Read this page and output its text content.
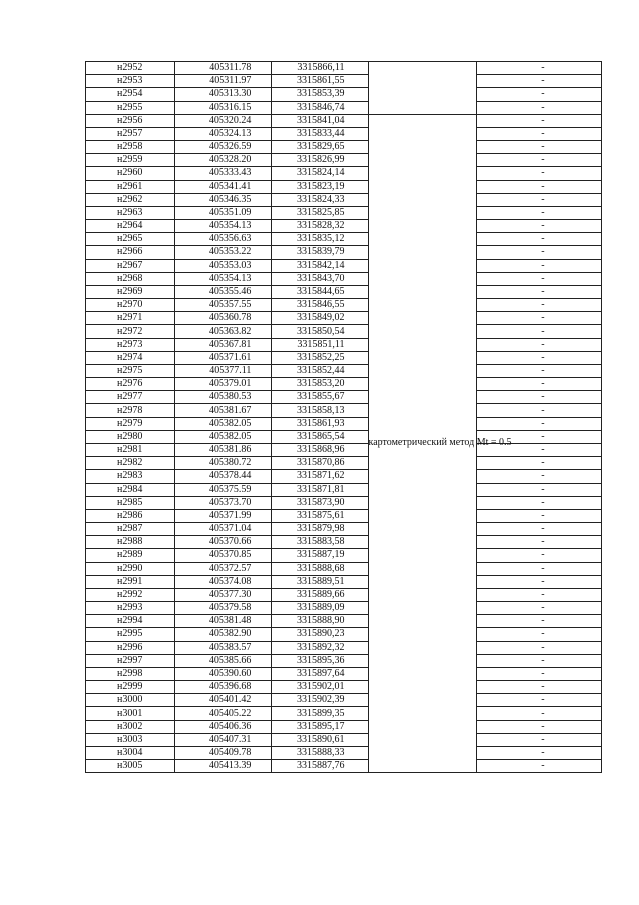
н2952	405311.78	3315866,11		-
н2953	405311.97	3315861,55		-
н2954	405313.30	3315853,39		-
н2955	405316.15	3315846,74		-
н2956	405320.24	3315841,04	картометрический метод Mt = 0.5	-
н2957	405324.13	3315833,44		-
н2958	405326.59	3315829,65		-
н2959	405328.20	3315826,99		-
н2960	405333.43	3315824,14		-
н2961	405341.41	3315823,19		-
н2962	405346.35	3315824,33		-
н2963	405351.09	3315825,85		-
н2964	405354.13	3315828,32		-
н2965	405356.63	3315835,12		-
н2966	405353.22	3315839,79		-
н2967	405353.03	3315842,14		-
н2968	405354.13	3315843,70		-
н2969	405355.46	3315844,65		-
н2970	405357.55	3315846,55		-
н2971	405360.78	3315849,02		-
н2972	405363.82	3315850,54		-
н2973	405367.81	3315851,11		-
н2974	405371.61	3315852,25		-
н2975	405377.11	3315852,44		-
н2976	405379.01	3315853,20		-
н2977	405380.53	3315855,67		-
н2978	405381.67	3315858,13		-
н2979	405382.05	3315861,93		-
н2980	405382.05	3315865,54		-
н2981	405381.86	3315868,96		-
н2982	405380.72	3315870,86		-
н2983	405378.44	3315871,62		-
н2984	405375.59	3315871,81		-
н2985	405373.70	3315873,90		-
н2986	405371.99	3315875,61		-
н2987	405371.04	3315879,98		-
н2988	405370.66	3315883,58		-
н2989	405370.85	3315887,19		-
н2990	405372.57	3315888,68		-
н2991	405374.08	3315889,51		-
н2992	405377.30	3315889,66		-
н2993	405379.58	3315889,09		-
н2994	405381.48	3315888,90		-
н2995	405382.90	3315890,23		-
н2996	405383.57	3315892,32		-
н2997	405385.66	3315895,36		-
н2998	405390.60	3315897,64		-
н2999	405396.68	3315902,01		-
н3000	405401.42	3315902,39		-
н3001	405405.22	3315899,35		-
н3002	405406.36	3315895,17		-
н3003	405407.31	3315890,61		-
н3004	405409.78	3315888,33		-
н3005	405413.39	3315887,76		-
